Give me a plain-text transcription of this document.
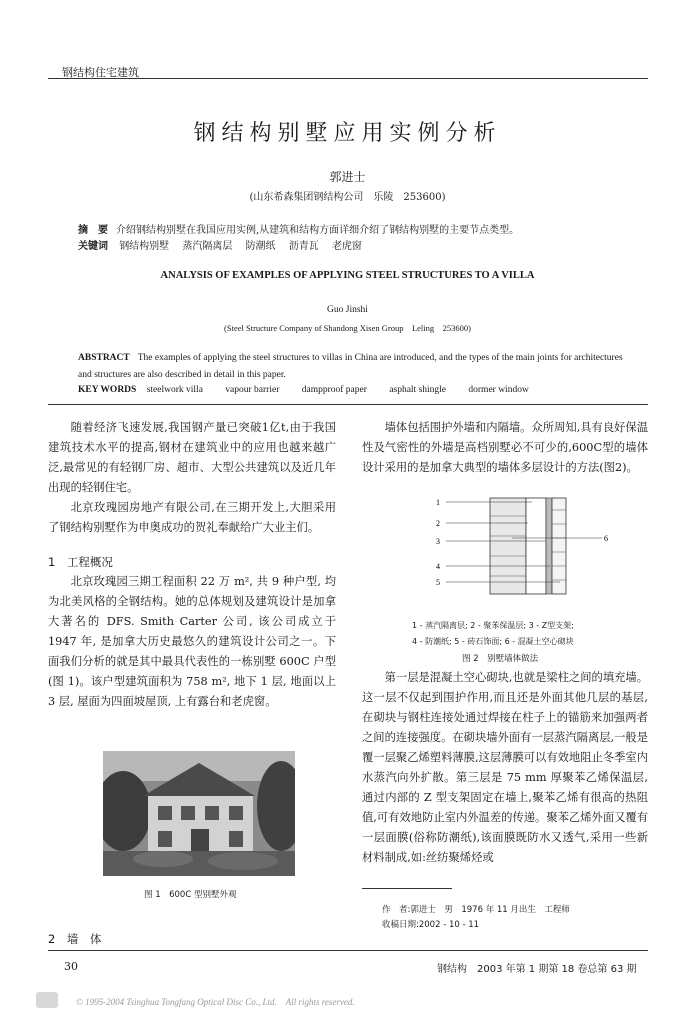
钢结构住宅建筑
钢结构别墅应用实例分析
郭进士
(山东希森集团钢结构公司　乐陵　253600)
摘　要 介绍钢结构别墅在我国应用实例,从建筑和结构方面详细介绍了钢结构别墅的主要节点类型。
关键词 钢结构别墅 蒸汽隔离层 防潮纸 沥青瓦 老虎窗
ANALYSIS OF EXAMPLES OF APPLYING STEEL STRUCTURES TO A VILLA
Guo Jinshi
(Steel Structure Company of Shandong Xisen Group　Leling　253600)
ABSTRACT The examples of applying the steel structures to villas in China are introduced, and the types of the main joints for architectures and structures are also described in detail in this paper.
KEY WORDS steelwork villa vapour barrier dampproof paper asphalt shingle dormer window

随着经济飞速发展,我国钢产量已突破1亿t,由于我国建筑技术水平的提高,钢材在建筑业中的应用也越来越广泛,最常见的有轻钢厂房、超市、大型公共建筑以及近几年出现的轻钢住宅。

北京玫瑰园房地产有限公司,在三期开发上,大胆采用了钢结构别墅作为申奥成功的贺礼奉献给广大业主们。

1　工程概况

北京玫瑰园三期工程面积 22 万 m², 共 9 种户型, 均为北美风格的全钢结构。她的总体规划及建筑设计是加拿大著名的 DFS. Smith Carter 公司, 该公司成立于 1947 年, 是加拿大历史最悠久的建筑设计公司之一。下面我们分析的就是其中最具代表性的一栋别墅 600C 户型(图 1)。该户型建筑面积为 758 m², 地下 1 层, 地面以上 3 层, 屋面为四面坡屋顶, 上有露台和老虎窗。

图 1　600C 型别墅外观
2　墙　体

墙体包括围护外墙和内隔墙。众所周知,具有良好保温性及气密性的外墙是高档别墅必不可少的,600C型的墙体设计采用的是加拿大典型的墙体多层设计的方法(图2)。

1
2
3
4
5
6
1 - 蒸汽隔离层; 2 - 聚苯保温层; 3 - Z型支架;
4 - 防潮纸; 5 - 砖石饰面; 6 - 混凝土空心砌块
图 2　别墅墙体做法

第一层是混凝土空心砌块,也就是梁柱之间的填充墙。这一层不仅起到围护作用,而且还是外面其他几层的基层,在砌块与钢柱连接处通过焊接在柱子上的锚筋来加强两者之间的连接强度。在砌块墙外面有一层蒸汽隔离层,一般是覆一层聚乙烯塑料薄膜,这层薄膜可以有效地阻止冬季室内水蒸汽向外扩散。第三层是 75 mm 厚聚苯乙烯保温层,通过内部的 Z 型支架固定在墙上,聚苯乙烯有很高的热阻值,可有效地防止室内外温差的传递。聚苯乙烯外面又覆有一层面膜(俗称防潮纸),该面膜既防水又透气,采用一些新材料制成,如:丝纺聚烯烃或

作　者:郭进士　男　1976 年 11 月出生　工程师
收稿日期:2002 - 10 - 11
30	钢结构　2003 年第 1 期第 18 卷总第 63 期
© 1995-2004 Tsinghua Tongfang Optical Disc Co., Ltd.　All rights reserved.
